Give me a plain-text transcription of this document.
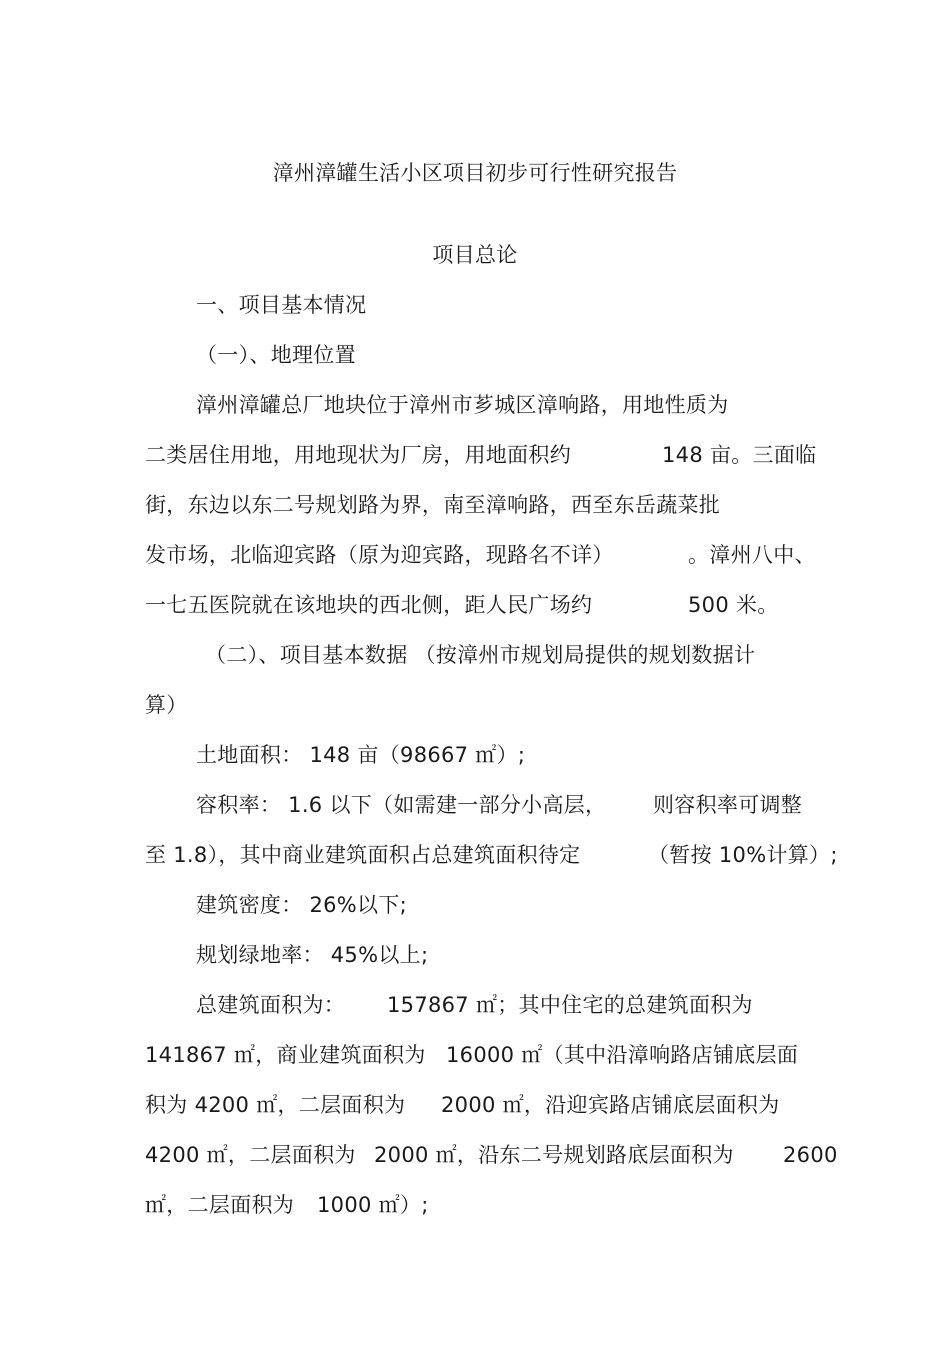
漳州漳罐生活小区项目初步可行性研究报告
项目总论
一、项目基本情况
（一）、地理位置
漳州漳罐总厂地块位于漳州市芗城区漳响路，用地性质为
二类居住用地，用地现状为厂房，用地面积约	148 亩。三面临
街，东边以东二号规划路为界，南至漳响路，西至东岳蔬菜批
发市场，北临迎宾路（原为迎宾路，现路名不详）	。漳州八中、
一七五医院就在该地块的西北侧，距人民广场约	500 米。
（二）、项目基本数据 （按漳州市规划局提供的规划数据计
算）
土地面积： 148 亩（98667 ㎡）;
容积率： 1.6 以下（如需建一部分小高层， 则容积率可调整
至 1.8），其中商业建筑面积占总建筑面积待定	（暂按 10%计算）;
建筑密度： 26%以下;
规划绿地率： 45%以上;
总建筑面积为： 157867 ㎡；其中住宅的总建筑面积为
141867 ㎡，商业建筑面积为 16000 ㎡（其中沿漳响路店铺底层面
积为 4200 ㎡，二层面积为 2000 ㎡，沿迎宾路店铺底层面积为
4200 ㎡，二层面积为 2000 ㎡，沿东二号规划路底层面积为 2600
㎡，二层面积为 1000 ㎡）;
